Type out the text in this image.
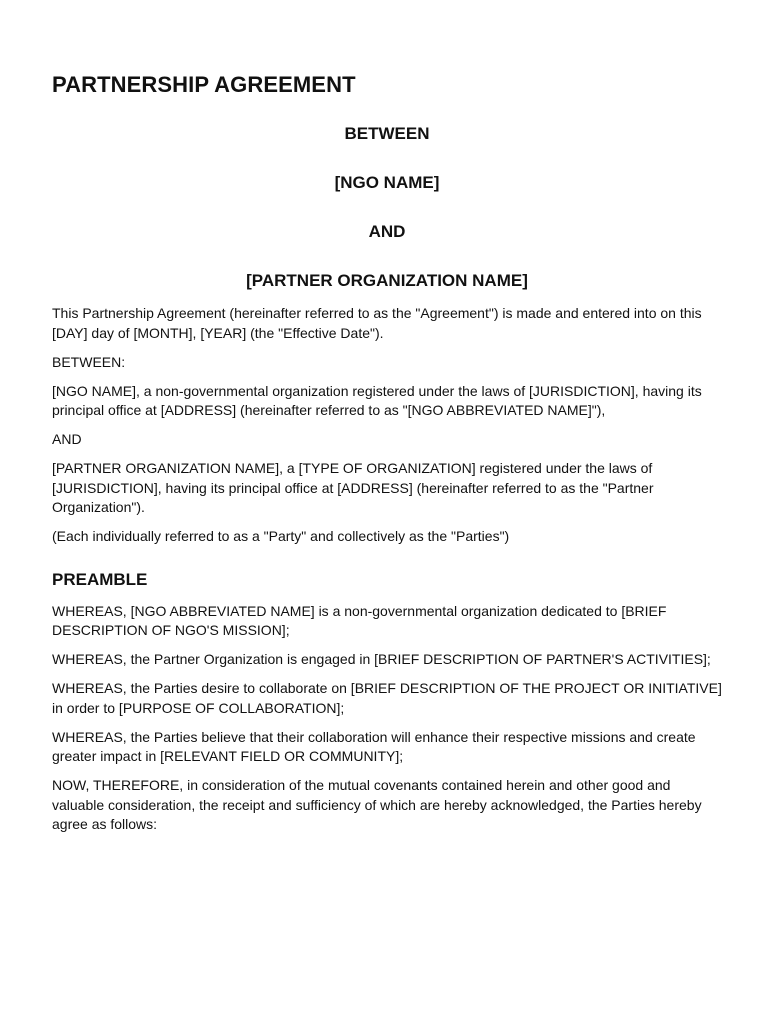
PARTNERSHIP AGREEMENT

BETWEEN

[NGO NAME]

AND

[PARTNER ORGANIZATION NAME]

This Partnership Agreement (hereinafter referred to as the "Agreement") is made and entered into on this [DAY] day of [MONTH], [YEAR] (the "Effective Date").

BETWEEN:

[NGO NAME], a non-governmental organization registered under the laws of [JURISDICTION], having its principal office at [ADDRESS] (hereinafter referred to as "[NGO ABBREVIATED NAME]"),

AND

[PARTNER ORGANIZATION NAME], a [TYPE OF ORGANIZATION] registered under the laws of [JURISDICTION], having its principal office at [ADDRESS] (hereinafter referred to as the "Partner Organization").

(Each individually referred to as a "Party" and collectively as the "Parties")

PREAMBLE

WHEREAS, [NGO ABBREVIATED NAME] is a non-governmental organization dedicated to [BRIEF DESCRIPTION OF NGO'S MISSION];

WHEREAS, the Partner Organization is engaged in [BRIEF DESCRIPTION OF PARTNER'S ACTIVITIES];

WHEREAS, the Parties desire to collaborate on [BRIEF DESCRIPTION OF THE PROJECT OR INITIATIVE] in order to [PURPOSE OF COLLABORATION];

WHEREAS, the Parties believe that their collaboration will enhance their respective missions and create greater impact in [RELEVANT FIELD OR COMMUNITY];

NOW, THEREFORE, in consideration of the mutual covenants contained herein and other good and valuable consideration, the receipt and sufficiency of which are hereby acknowledged, the Parties hereby agree as follows:
